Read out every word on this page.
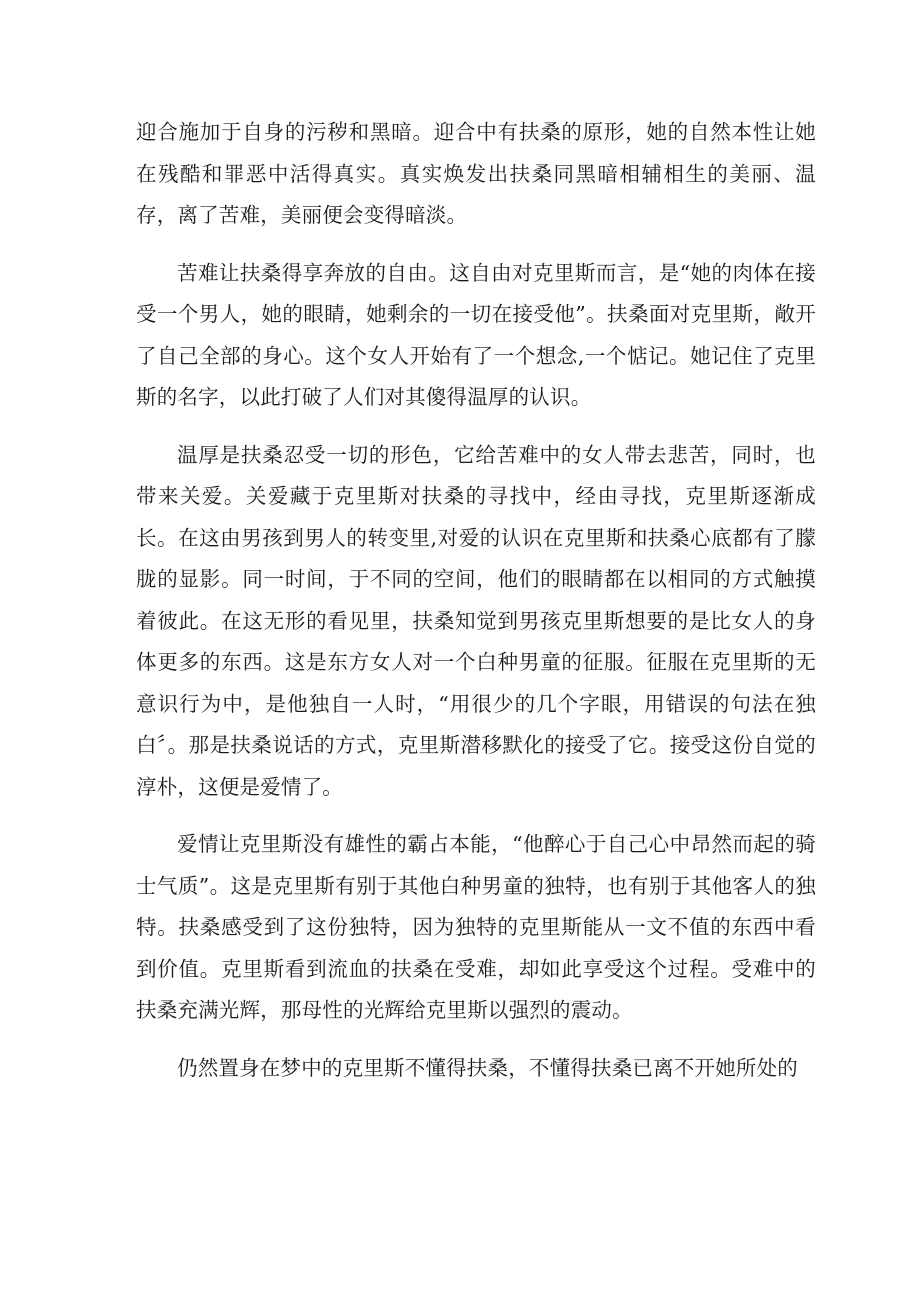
迎合施加于自身的污秽和黑暗。迎合中有扶桑的原形，她的自然本性让她在残酷和罪恶中活得真实。真实焕发出扶桑同黑暗相辅相生的美丽、温存，离了苦难，美丽便会变得暗淡。

苦难让扶桑得享奔放的自由。这自由对克里斯而言，是“她的肉体在接受一个男人，她的眼睛，她剩余的一切在接受他”。扶桑面对克里斯，敞开了自己全部的身心。这个女人开始有了一个想念,一个惦记。她记住了克里斯的名字，以此打破了人们对其傻得温厚的认识。

温厚是扶桑忍受一切的形色，它给苦难中的女人带去悲苦，同时，也带来关爱。关爱藏于克里斯对扶桑的寻找中，经由寻找，克里斯逐渐成长。在这由男孩到男人的转变里,对爱的认识在克里斯和扶桑心底都有了朦胧的显影。同一时间，于不同的空间，他们的眼睛都在以相同的方式触摸着彼此。在这无形的看见里，扶桑知觉到男孩克里斯想要的是比女人的身体更多的东西。这是东方女人对一个白种男童的征服。征服在克里斯的无意识行为中，是他独自一人时，“用很少的几个字眼，用错误的句法在独白〞。那是扶桑说话的方式，克里斯潜移默化的接受了它。接受这份自觉的淳朴，这便是爱情了。

爱情让克里斯没有雄性的霸占本能，“他醉心于自己心中昂然而起的骑士气质”。这是克里斯有别于其他白种男童的独特，也有别于其他客人的独特。扶桑感受到了这份独特，因为独特的克里斯能从一文不值的东西中看到价值。克里斯看到流血的扶桑在受难，却如此享受这个过程。受难中的扶桑充满光辉，那母性的光辉给克里斯以强烈的震动。

仍然置身在梦中的克里斯不懂得扶桑，不懂得扶桑已离不开她所处的
